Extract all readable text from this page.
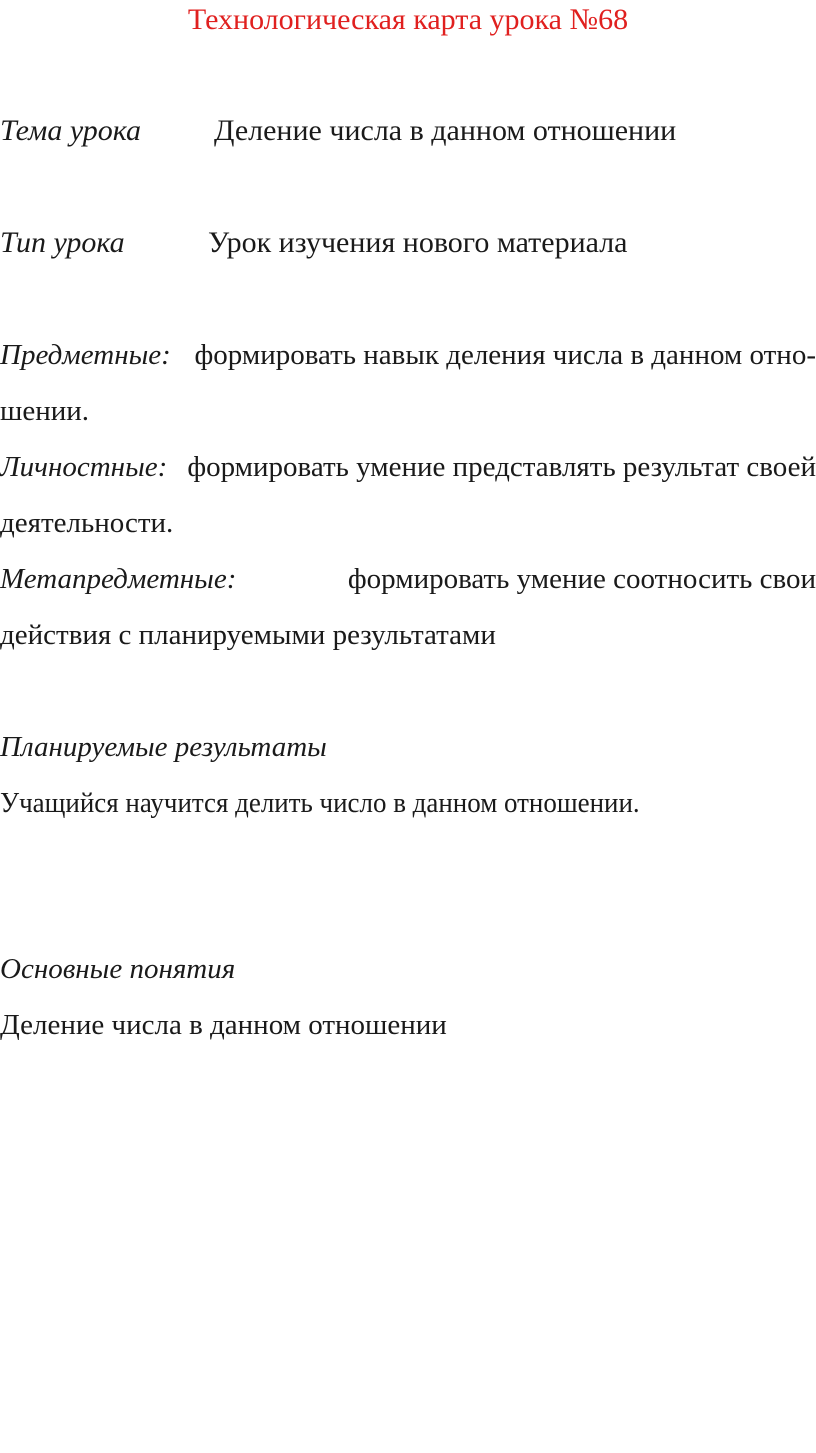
Технологическая карта урока №68
Тема урока Деление числа в данном отношении
Тип урока	Урок изучения нового материала
Предметные: формировать навык деления числа в данном отно-
шении.
Личностные: формировать умение представлять результат своей
деятельности.
Метапредметные:	формировать умение соотносить свои
действия с планируемыми результатами
Планируемые результаты
Учащийся научится делить число в данном отношении.
Основные понятия
Деление числа в данном отношении
